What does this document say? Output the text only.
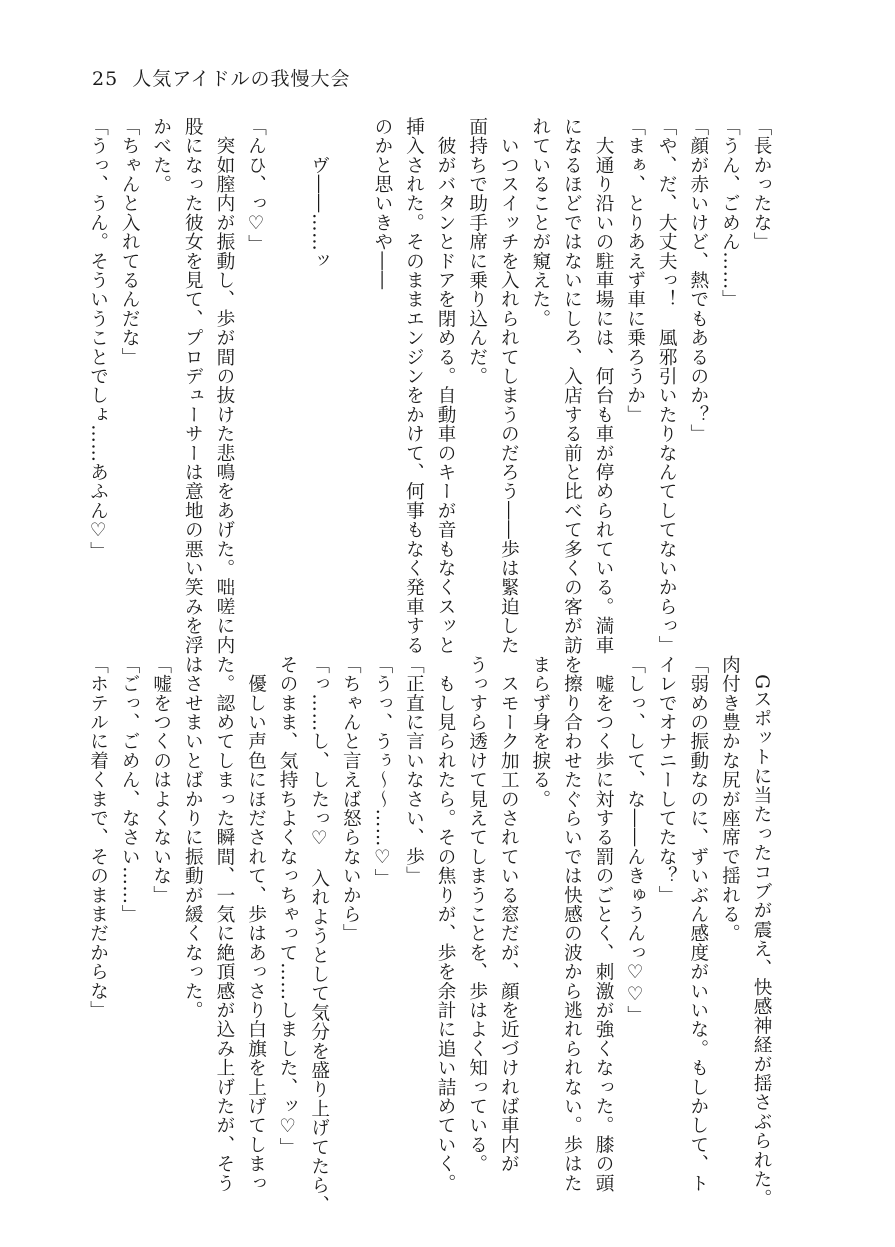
25 人気アイドルの我慢大会
「長かったな」
「うん、ごめん……」
「顔が赤いけど、熱でもあるのか？」
「や、だ、大丈夫っ！　風邪引いたりなんてしてないからっ」
「まぁ、とりあえず車に乗ろうか」
　大通り沿いの駐車場には、何台も車が停められている。満車
になるほどではないにしろ、入店する前と比べて多くの客が訪
れていることが窺えた。
　いつスイッチを入れられてしまうのだろう――歩は緊迫した
面持ちで助手席に乗り込んだ。
　彼がバタンとドアを閉める。自動車のキーが音もなくスッと
挿入された。そのままエンジンをかけて、何事もなく発車する
のかと思いきや――
　　ヴ――……ッ
「んひ、っ♡」
　突如膣内が振動し、歩が間の抜けた悲鳴をあげた。咄嗟に内
股になった彼女を見て、プロデューサーは意地の悪い笑みを浮
かべた。
「ちゃんと入れてるんだな」
「うっ、うん。そういうことでしょ……あふん♡」
　Gスポットに当たったコブが震え、快感神経が揺さぶられた。
肉付き豊かな尻が座席で揺れる。
「弱めの振動なのに、ずいぶん感度がいいな。もしかして、ト
イレでオナニーしてたな？」
「しっ、して、な――んきゅうんっ♡♡」
　嘘をつく歩に対する罰のごとく、刺激が強くなった。膝の頭
を擦り合わせたぐらいでは快感の波から逃れられない。歩はた
まらず身を捩る。
　スモーク加工のされている窓だが、顔を近づければ車内が
うっすら透けて見えてしまうことを、歩はよく知っている。
　もし見られたら。その焦りが、歩を余計に追い詰めていく。
「正直に言いなさい、歩」
「うっ、うぅ～～……♡」
「ちゃんと言えば怒らないから」
「っ……し、したっ♡　入れようとして気分を盛り上げてたら、
そのまま、気持ちよくなっちゃって……しました、ッ♡」
　優しい声色にほだされて、歩はあっさり白旗を上げてしまっ
た。認めてしまった瞬間、一気に絶頂感が込み上げたが、そう
はさせまいとばかりに振動が緩くなった。
「嘘をつくのはよくないな」
「ごっ、ごめん、なさい……」
「ホテルに着くまで、そのままだからな」
